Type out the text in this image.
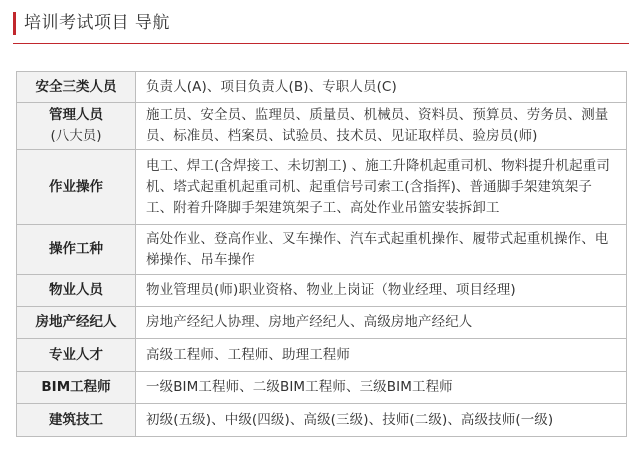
培训考试项目 导航
安全三类人员	负责人(A)、项目负责人(B)、专职人员(C)
管理人员
(八大员)	施工员、安全员、监理员、质量员、机械员、资料员、预算员、劳务员、测量员、标准员、档案员、试验员、技术员、见证取样员、验房员(师)
作业操作	电工、焊工(含焊接工、未切割工) 、施工升降机起重司机、物料提升机起重司机、塔式起重机起重司机、起重信号司索工(含指挥)、普通脚手架建筑架子工、附着升降脚手架建筑架子工、高处作业吊篮安装拆卸工
操作工种	高处作业、登高作业、叉车操作、汽车式起重机操作、履带式起重机操作、电梯操作、吊车操作
物业人员	物业管理员(师)职业资格、物业上岗证（物业经理、项目经理)
房地产经纪人	房地产经纪人协理、房地产经纪人、高级房地产经纪人
专业人才	高级工程师、工程师、助理工程师
BIM工程师	一级BIM工程师、二级BIM工程师、三级BIM工程师
建筑技工	初级(五级)、中级(四级)、高级(三级)、技师(二级)、高级技师(一级)
